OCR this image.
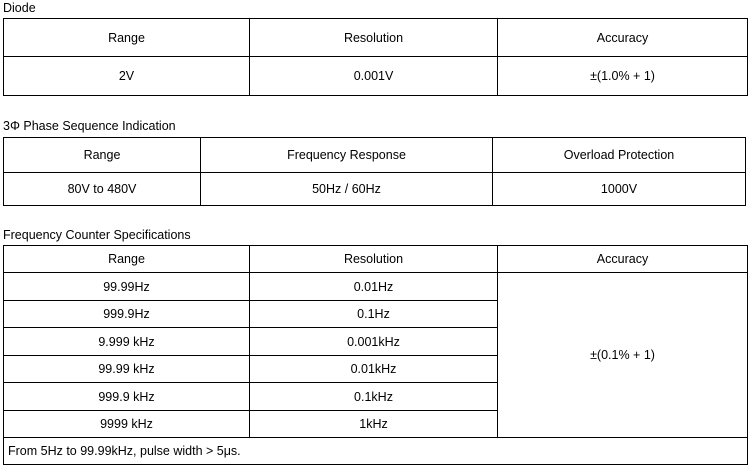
Diode
Range	Resolution	Accuracy
2V	0.001V	±(1.0% + 1)
3Φ Phase Sequence Indication
Range	Frequency Response	Overload Protection
80V to 480V	50Hz / 60Hz	1000V
Frequency Counter Specifications
Range	Resolution	Accuracy
99.99Hz	0.01Hz	±(0.1% + 1)
999.9Hz	0.1Hz	
9.999 kHz	0.001kHz	
99.99 kHz	0.01kHz	
999.9 kHz	0.1kHz	
9999 kHz	1kHz	
From 5Hz to 99.99kHz, pulse width > 5μs.		
